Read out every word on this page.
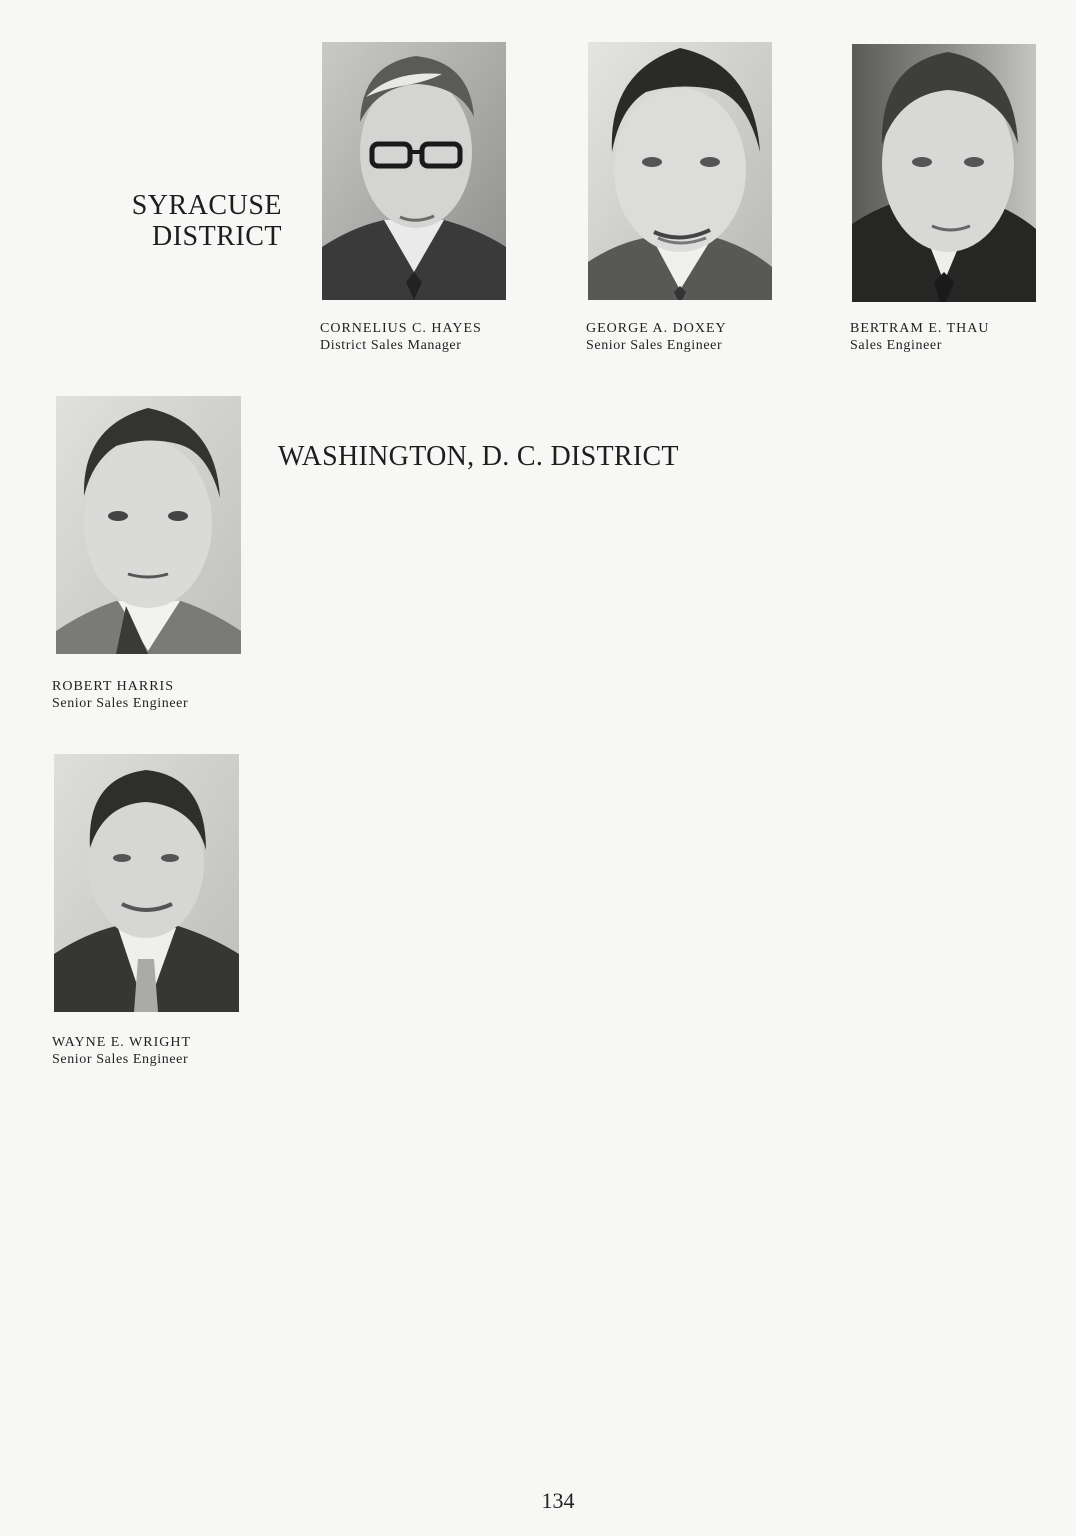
SYRACUSE
DISTRICT
CORNELIUS C. HAYES
District Sales Manager
GEORGE A. DOXEY
Senior Sales Engineer
BERTRAM E. THAU
Sales Engineer
WASHINGTON, D. C. DISTRICT
ROBERT HARRIS
Senior Sales Engineer
WAYNE E. WRIGHT
Senior Sales Engineer
134
